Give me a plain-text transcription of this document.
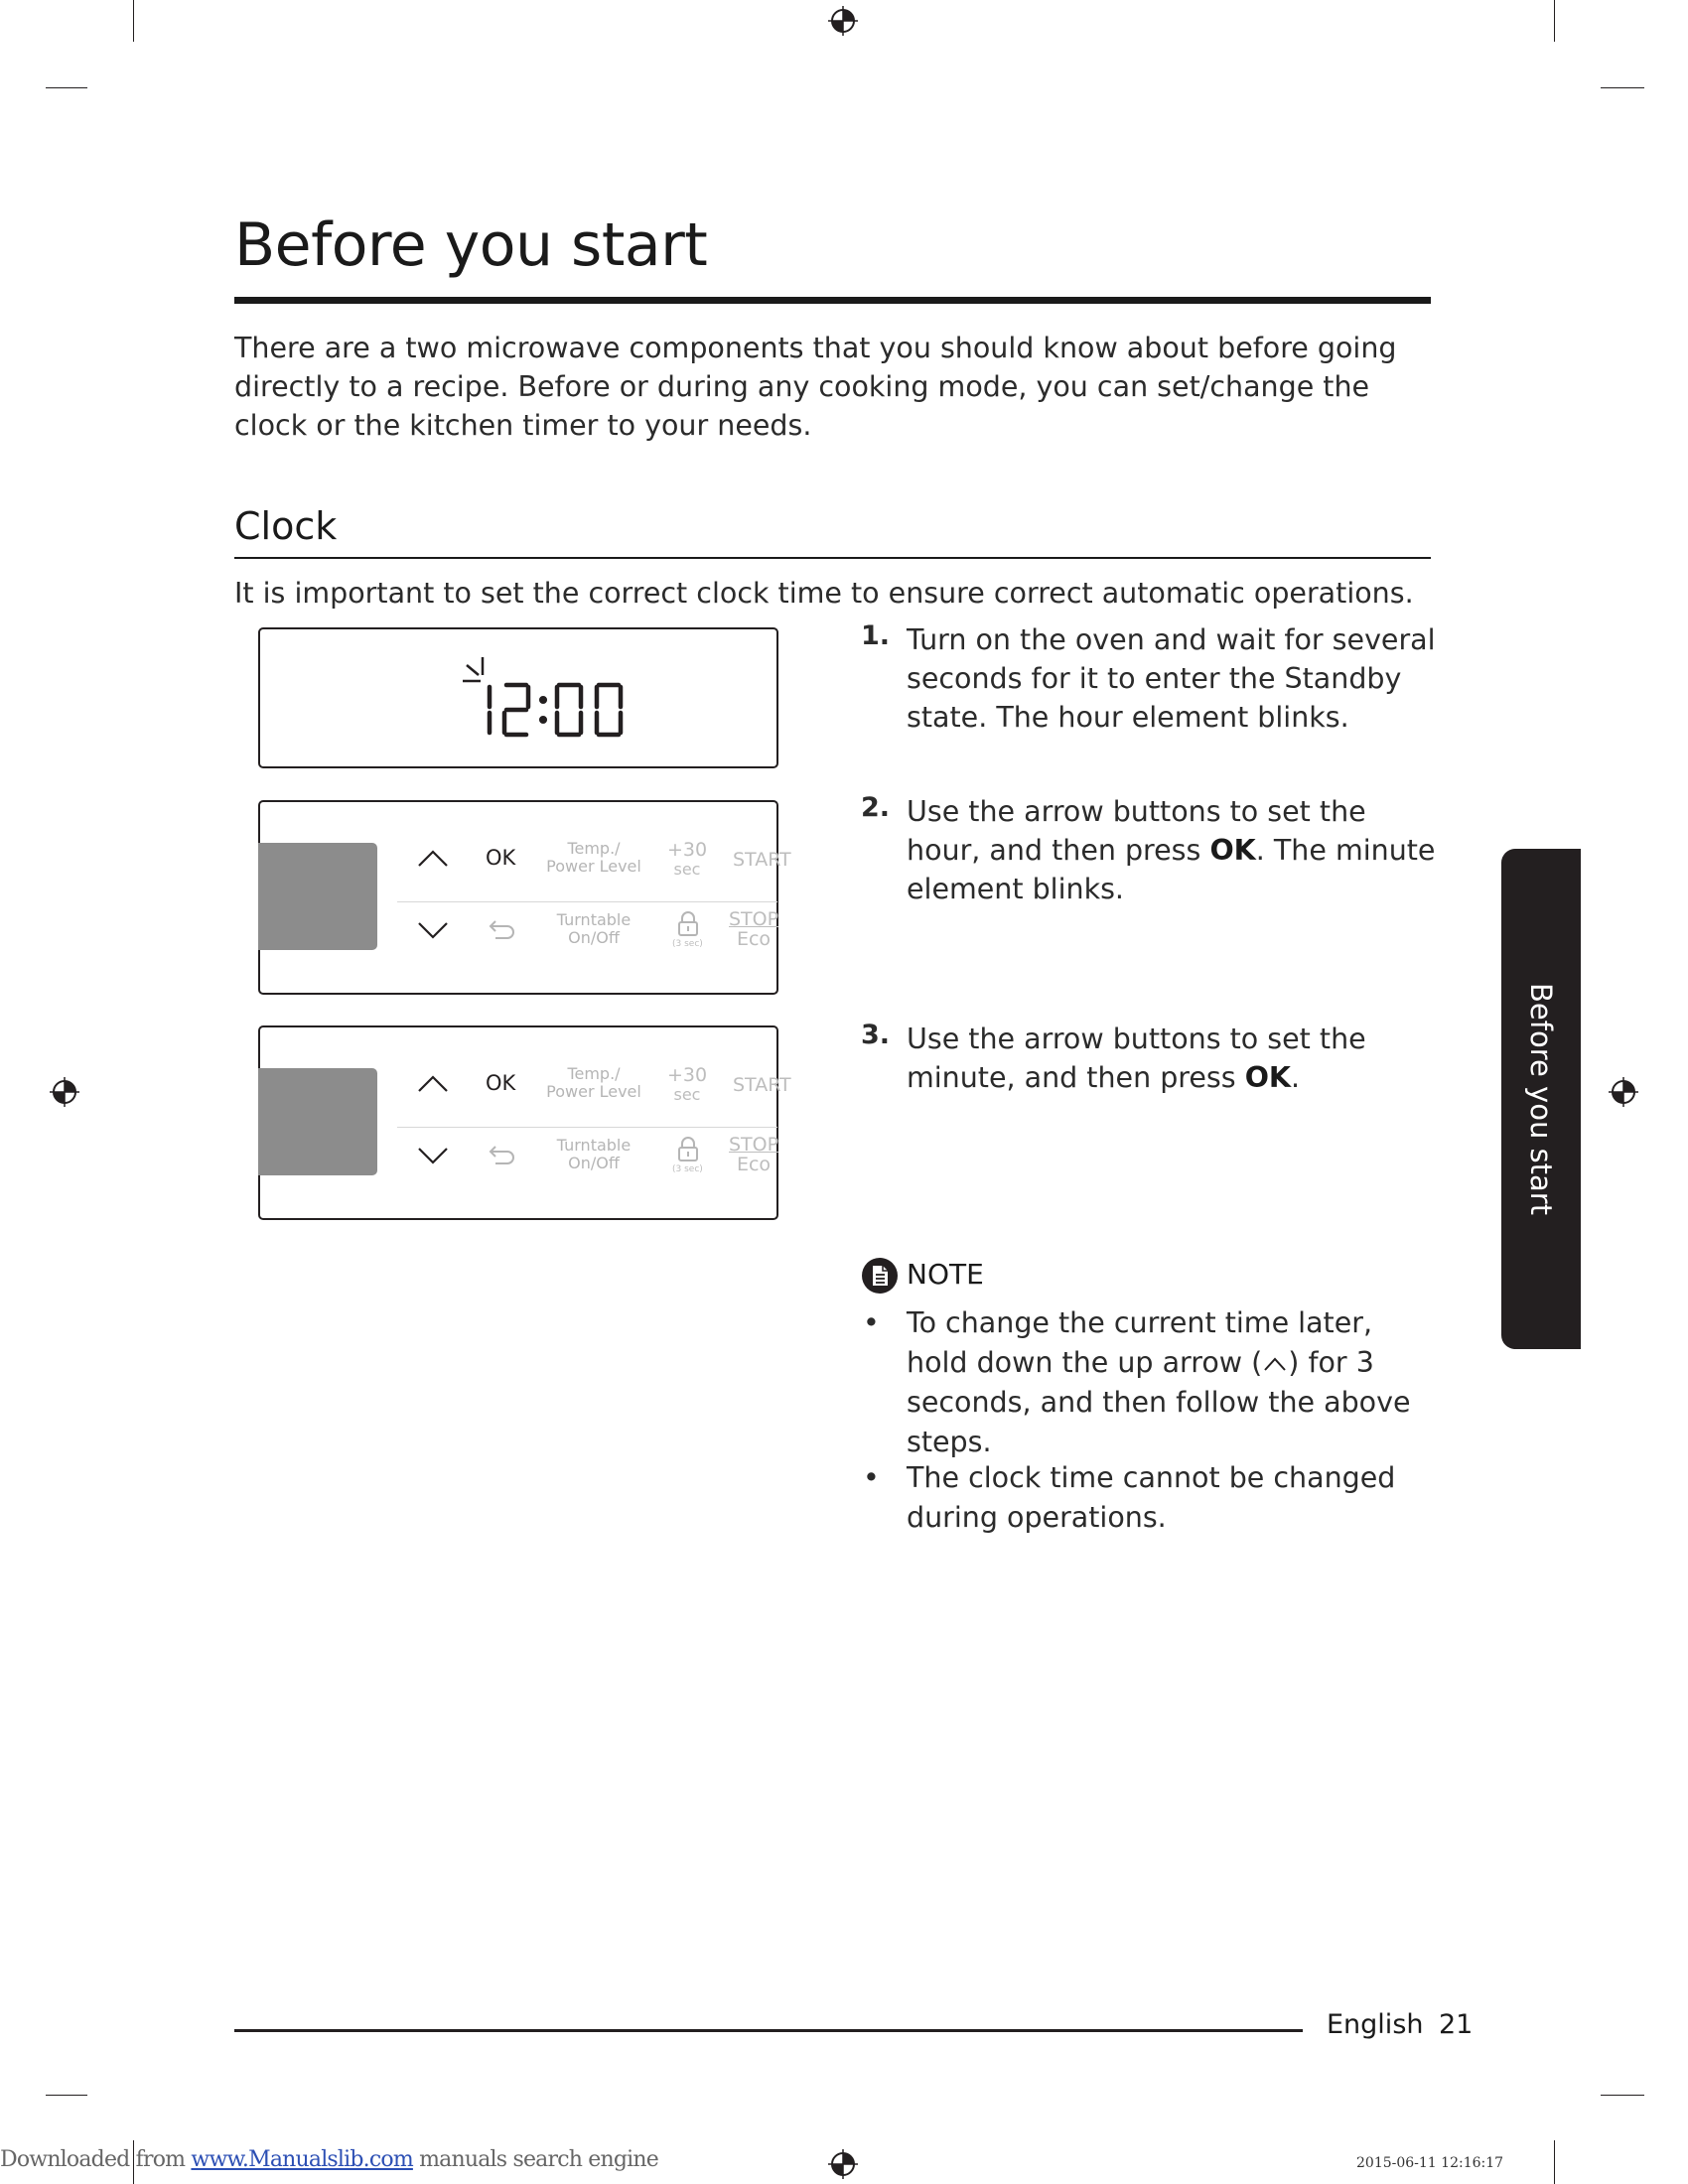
Before you start

There are a two microwave components that you should know about before going directly to a recipe. Before or during any cooking mode, you can set/change the clock or the kitchen timer to your needs.

Clock

It is important to set the correct clock time to ensure correct automatic operations.

OK	Temp./
Power Level
+30
sec	START
Turntable
On/Off	(3 sec)
STOP
Eco
OK	Temp./
Power Level
+30
sec	START
Turntable
On/Off	(3 sec)
STOP
Eco
1. Turn on the oven and wait for several seconds for it to enter the Standby state. The hour element blinks.
2. Use the arrow buttons to set the hour, and then press OK. The minute element blinks.
3. Use the arrow buttons to set the minute, and then press OK.
NOTE
• To change the current time later, hold down the up arrow ( ) for 3 seconds, and then follow the above steps.
• The clock time cannot be changed during operations.
Before you start
English 21
Downloaded from www.Manualslib.com manuals search engine	2015-06-11 12:16:17
